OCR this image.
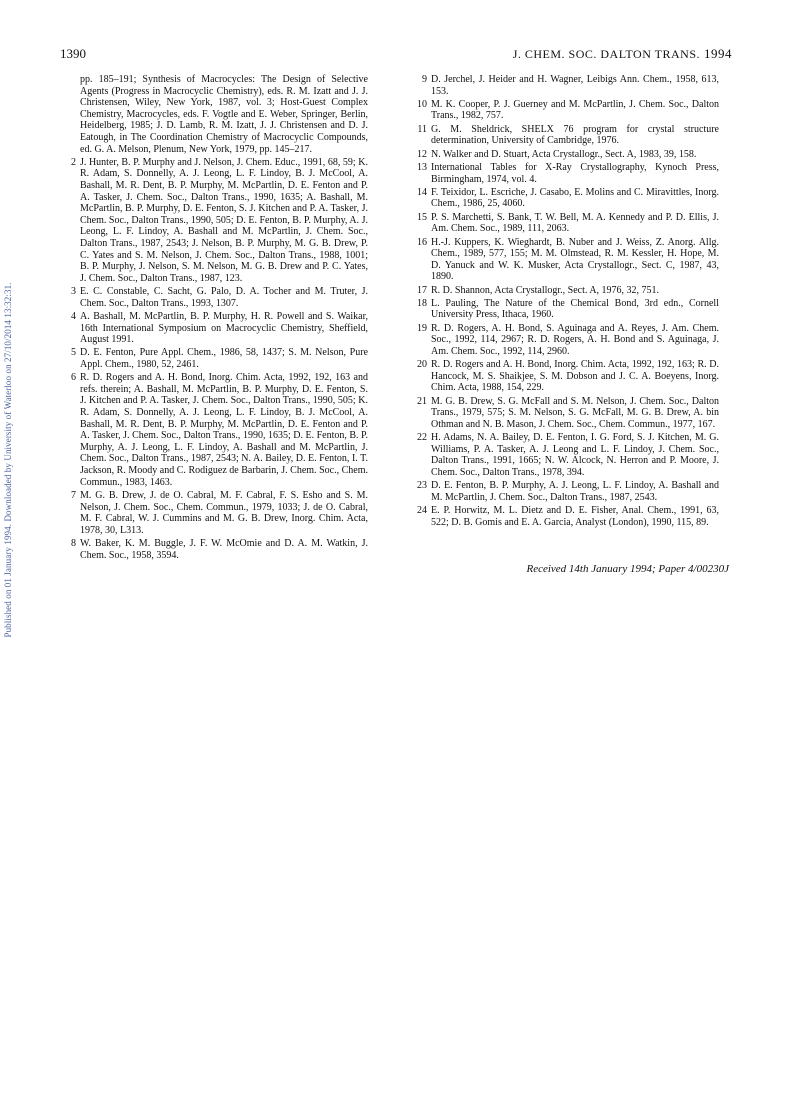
1390	J. CHEM. SOC. DALTON TRANS. 1994
Published on 01 January 1994. Downloaded by University of Waterloo on 27/10/2014 13:32:31.
pp. 185–191; Synthesis of Macrocycles: The Design of Selective Agents (Progress in Macrocyclic Chemistry), eds. R. M. Izatt and J. J. Christensen, Wiley, New York, 1987, vol. 3; Host-Guest Complex Chemistry, Macrocycles, eds. F. Vogtle and E. Weber, Springer, Berlin, Heidelberg, 1985; J. D. Lamb, R. M. Izatt, J. J. Christensen and D. J. Eatough, in The Coordination Chemistry of Macrocyclic Compounds, ed. G. A. Melson, Plenum, New York, 1979, pp. 145–217.
2 J. Hunter, B. P. Murphy and J. Nelson, J. Chem. Educ., 1991, 68, 59; K. R. Adam, S. Donnelly, A. J. Leong, L. F. Lindoy, B. J. McCool, A. Bashall, M. R. Dent, B. P. Murphy, M. McPartlin, D. E. Fenton and P. A. Tasker, J. Chem. Soc., Dalton Trans., 1990, 1635; A. Bashall, M. McPartlin, B. P. Murphy, D. E. Fenton, S. J. Kitchen and P. A. Tasker, J. Chem. Soc., Dalton Trans., 1990, 505; D. E. Fenton, B. P. Murphy, A. J. Leong, L. F. Lindoy, A. Bashall and M. McPartlin, J. Chem. Soc., Dalton Trans., 1987, 2543; J. Nelson, B. P. Murphy, M. G. B. Drew, P. C. Yates and S. M. Nelson, J. Chem. Soc., Dalton Trans., 1988, 1001; B. P. Murphy, J. Nelson, S. M. Nelson, M. G. B. Drew and P. C. Yates, J. Chem. Soc., Dalton Trans., 1987, 123.
3 E. C. Constable, C. Sacht, G. Palo, D. A. Tocher and M. Truter, J. Chem. Soc., Dalton Trans., 1993, 1307.
4 A. Bashall, M. McPartlin, B. P. Murphy, H. R. Powell and S. Waikar, 16th International Symposium on Macrocyclic Chemistry, Sheffield, August 1991.
5 D. E. Fenton, Pure Appl. Chem., 1986, 58, 1437; S. M. Nelson, Pure Appl. Chem., 1980, 52, 2461.
6 R. D. Rogers and A. H. Bond, Inorg. Chim. Acta, 1992, 192, 163 and refs. therein; A. Bashall, M. McPartlin, B. P. Murphy, D. E. Fenton, S. J. Kitchen and P. A. Tasker, J. Chem. Soc., Dalton Trans., 1990, 505; K. R. Adam, S. Donnelly, A. J. Leong, L. F. Lindoy, B. J. McCool, A. Bashall, M. R. Dent, B. P. Murphy, M. McPartlin, D. E. Fenton and P. A. Tasker, J. Chem. Soc., Dalton Trans., 1990, 1635; D. E. Fenton, B. P. Murphy, A. J. Leong, L. F. Lindoy, A. Bashall and M. McPartlin, J. Chem. Soc., Dalton Trans., 1987, 2543; N. A. Bailey, D. E. Fenton, I. T. Jackson, R. Moody and C. Rodiguez de Barbarin, J. Chem. Soc., Chem. Commun., 1983, 1463.
7 M. G. B. Drew, J. de O. Cabral, M. F. Cabral, F. S. Esho and S. M. Nelson, J. Chem. Soc., Chem. Commun., 1979, 1033; J. de O. Cabral, M. F. Cabral, W. J. Cummins and M. G. B. Drew, Inorg. Chim. Acta, 1978, 30, L313.
8 W. Baker, K. M. Buggle, J. F. W. McOmie and D. A. M. Watkin, J. Chem. Soc., 1958, 3594.
9 D. Jerchel, J. Heider and H. Wagner, Leibigs Ann. Chem., 1958, 613, 153.
10 M. K. Cooper, P. J. Guerney and M. McPartlin, J. Chem. Soc., Dalton Trans., 1982, 757.
11 G. M. Sheldrick, SHELX 76 program for crystal structure determination, University of Cambridge, 1976.
12 N. Walker and D. Stuart, Acta Crystallogr., Sect. A, 1983, 39, 158.
13 International Tables for X-Ray Crystallography, Kynoch Press, Birmingham, 1974, vol. 4.
14 F. Teixidor, L. Escriche, J. Casabo, E. Molins and C. Miravittles, Inorg. Chem., 1986, 25, 4060.
15 P. S. Marchetti, S. Bank, T. W. Bell, M. A. Kennedy and P. D. Ellis, J. Am. Chem. Soc., 1989, 111, 2063.
16 H.-J. Kuppers, K. Wieghardt, B. Nuber and J. Weiss, Z. Anorg. Allg. Chem., 1989, 577, 155; M. M. Olmstead, R. M. Kessler, H. Hope, M. D. Yanuck and W. K. Musker, Acta Crystallogr., Sect. C, 1987, 43, 1890.
17 R. D. Shannon, Acta Crystallogr., Sect. A, 1976, 32, 751.
18 L. Pauling, The Nature of the Chemical Bond, 3rd edn., Cornell University Press, Ithaca, 1960.
19 R. D. Rogers, A. H. Bond, S. Aguinaga and A. Reyes, J. Am. Chem. Soc., 1992, 114, 2967; R. D. Rogers, A. H. Bond and S. Aguinaga, J. Am. Chem. Soc., 1992, 114, 2960.
20 R. D. Rogers and A. H. Bond, Inorg. Chim. Acta, 1992, 192, 163; R. D. Hancock, M. S. Shaikjee, S. M. Dobson and J. C. A. Boeyens, Inorg. Chim. Acta, 1988, 154, 229.
21 M. G. B. Drew, S. G. McFall and S. M. Nelson, J. Chem. Soc., Dalton Trans., 1979, 575; S. M. Nelson, S. G. McFall, M. G. B. Drew, A. bin Othman and N. B. Mason, J. Chem. Soc., Chem. Commun., 1977, 167.
22 H. Adams, N. A. Bailey, D. E. Fenton, I. G. Ford, S. J. Kitchen, M. G. Williams, P. A. Tasker, A. J. Leong and L. F. Lindoy, J. Chem. Soc., Dalton Trans., 1991, 1665; N. W. Alcock, N. Herron and P. Moore, J. Chem. Soc., Dalton Trans., 1978, 394.
23 D. E. Fenton, B. P. Murphy, A. J. Leong, L. F. Lindoy, A. Bashall and M. McPartlin, J. Chem. Soc., Dalton Trans., 1987, 2543.
24 E. P. Horwitz, M. L. Dietz and D. E. Fisher, Anal. Chem., 1991, 63, 522; D. B. Gomis and E. A. Garcia, Analyst (London), 1990, 115, 89.
Received 14th January 1994; Paper 4/00230J
